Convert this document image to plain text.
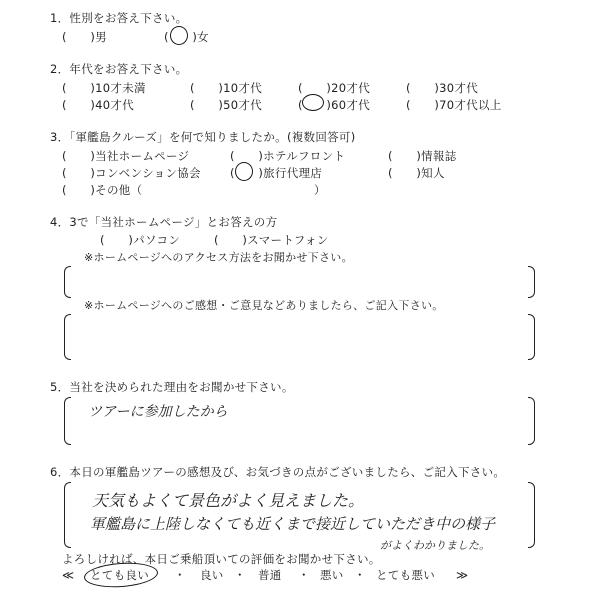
1．性別をお答え下さい。
(　　)男	(　　)女
2．年代をお答え下さい。
(　　)10才未満	(　　)10才代	(　　)20才代	(　　)30才代
(　　)40才代	(　　)50才代	(　　)60才代	(　　)70才代以上
3．「軍艦島クルーズ」を何で知りましたか。(複数回答可)
(　　)当社ホームページ	(　　)ホテルフロント	(　　)情報誌
(　　)コンベンション協会	(　　)旅行代理店	(　　)知人
(　　)その他（	）
4．3で「当社ホームページ」とお答えの方
(　　)パソコン	(　　)スマートフォン
※ホームページへのアクセス方法をお聞かせ下さい。
※ホームページへのご感想・ご意見などありましたら、ご記入下さい。
5．当社を決められた理由をお聞かせ下さい。
ツアーに参加したから
6．本日の軍艦島ツアーの感想及び、お気づきの点がございましたら、ご記入下さい。
天気もよくて景色がよく見えました。
軍艦島に上陸しなくても近くまで接近していただき中の様子
がよくわかりました。
よろしければ、本日ご乗船頂いての評価をお聞かせ下さい。
≪ とても良い ・ 良い ・ 普通 ・ 悪い ・ とても悪い ≫
